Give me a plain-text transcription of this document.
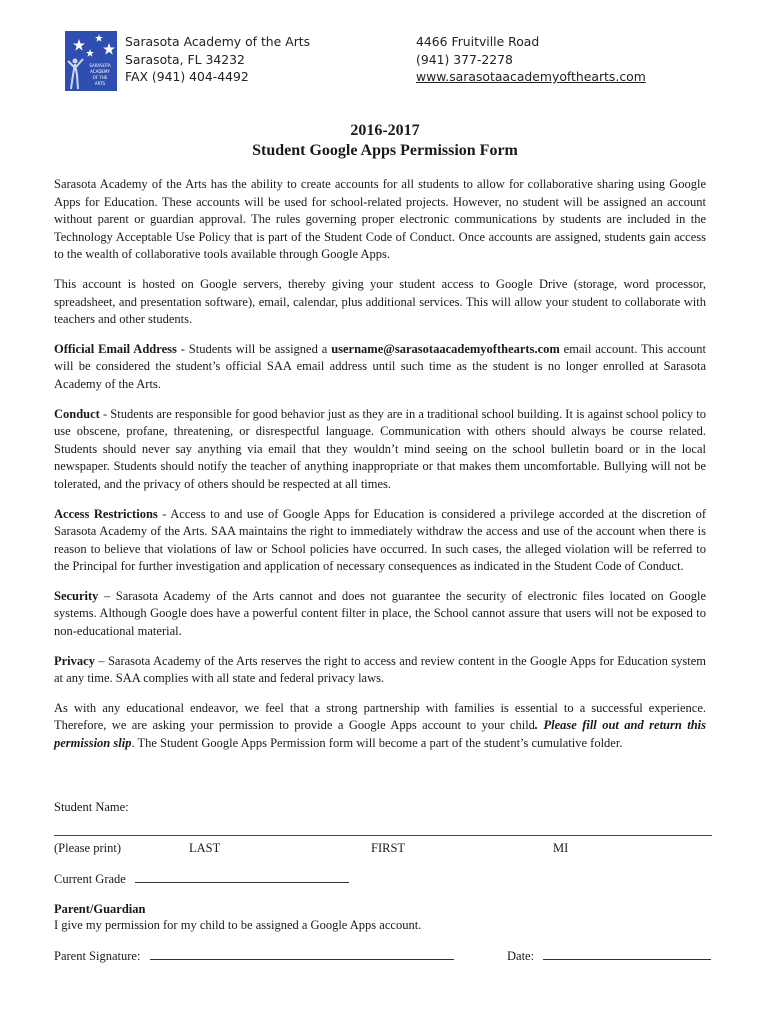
SARASOTA
ACADEMY
OF THE
ARTS
Sarasota Academy of the Arts
Sarasota, FL 34232
FAX (941) 404-4492
4466 Fruitville Road
(941) 377-2278
www.sarasotaacademyofthearts.com
2016-2017
Student Google Apps Permission Form

Sarasota Academy of the Arts has the ability to create accounts for all students to allow for collaborative sharing using Google Apps for Education. These accounts will be used for school-related projects. However, no student will be assigned an account without parent or guardian approval. The rules governing proper electronic communications by students are included in the Technology Acceptable Use Policy that is part of the Student Code of Conduct. Once accounts are assigned, students gain access to the wealth of collaborative tools available through Google Apps.

This account is hosted on Google servers, thereby giving your student access to Google Drive (storage, word processor, spreadsheet, and presentation software), email, calendar, plus additional services. This will allow your student to collaborate with teachers and other students.

Official Email Address - Students will be assigned a username@sarasotaacademyofthearts.com email account. This account will be considered the student’s official SAA email address until such time as the student is no longer enrolled at Sarasota Academy of the Arts.

Conduct - Students are responsible for good behavior just as they are in a traditional school building. It is against school policy to use obscene, profane, threatening, or disrespectful language. Communication with others should always be course related. Students should never say anything via email that they wouldn’t mind seeing on the school bulletin board or in the local newspaper. Students should notify the teacher of anything inappropriate or that makes them uncomfortable. Bullying will not be tolerated, and the privacy of others should be respected at all times.

Access Restrictions - Access to and use of Google Apps for Education is considered a privilege accorded at the discretion of Sarasota Academy of the Arts. SAA maintains the right to immediately withdraw the access and use of the account when there is reason to believe that violations of law or School policies have occurred. In such cases, the alleged violation will be referred to the Principal for further investigation and application of necessary consequences as indicated in the Student Code of Conduct.

Security – Sarasota Academy of the Arts cannot and does not guarantee the security of electronic files located on Google systems. Although Google does have a powerful content filter in place, the School cannot assure that users will not be exposed to non-educational material.

Privacy – Sarasota Academy of the Arts reserves the right to access and review content in the Google Apps for Education system at any time. SAA complies with all state and federal privacy laws.

As with any educational endeavor, we feel that a strong partnership with families is essential to a successful experience. Therefore, we are asking your permission to provide a Google Apps account to your child. Please fill out and return this permission slip. The Student Google Apps Permission form will become a part of the student’s cumulative folder.

Student Name:
(Please print)	LAST	FIRST	MI
Current Grade
Parent/Guardian
I give my permission for my child to be assigned a Google Apps account.
Parent Signature:	Date:
